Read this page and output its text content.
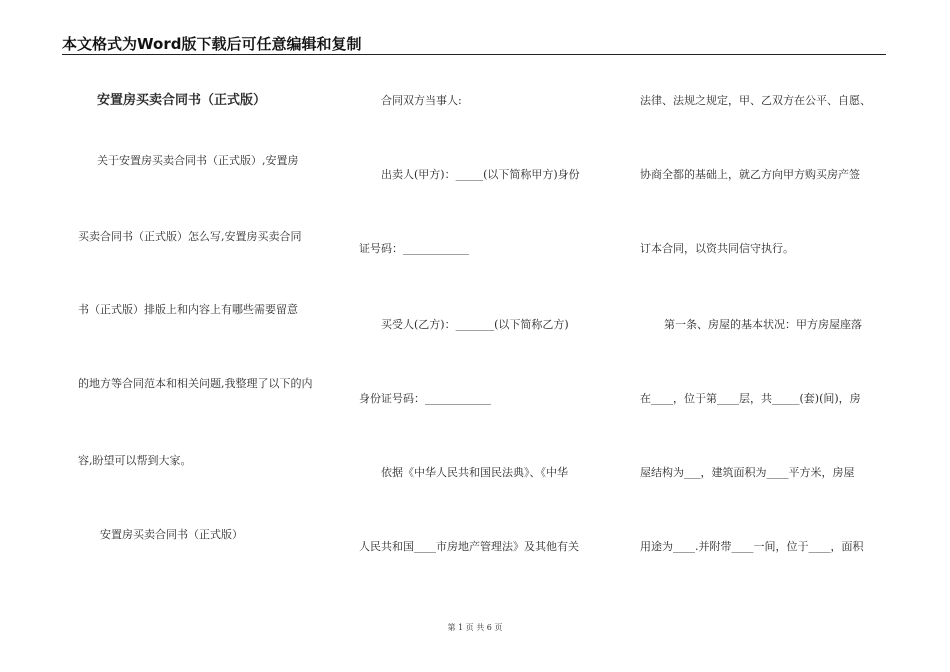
本文格式为Word版下载后可任意编辑和复制
安置房买卖合同书（正式版）
关于安置房买卖合同书（正式版）,安置房
买卖合同书（正式版）怎么写,安置房买卖合同
书（正式版）排版上和内容上有哪些需要留意
的地方等合同范本和相关问题,我整理了以下的内
容,盼望可以帮到大家。
安置房买卖合同书（正式版）
合同双方当事人:
出卖人(甲方)：_____(以下简称甲方)身份
证号码：____________
买受人(乙方)：_______(以下简称乙方)
身份证号码：____________
依据《中华人民共和国民法典》、《中华
人民共和国____市房地产管理法》及其他有关
法律、法规之规定，甲、乙双方在公平、自愿、
协商全都的基础上，就乙方向甲方购买房产签
订本合同，以资共同信守执行。
第一条、房屋的基本状况：甲方房屋座落
在____，位于第____层，共_____(套)(间)，房
屋结构为___，建筑面积为____平方米，房屋
用途为____.并附带____一间，位于____，面积
第 1 页 共 6 页
